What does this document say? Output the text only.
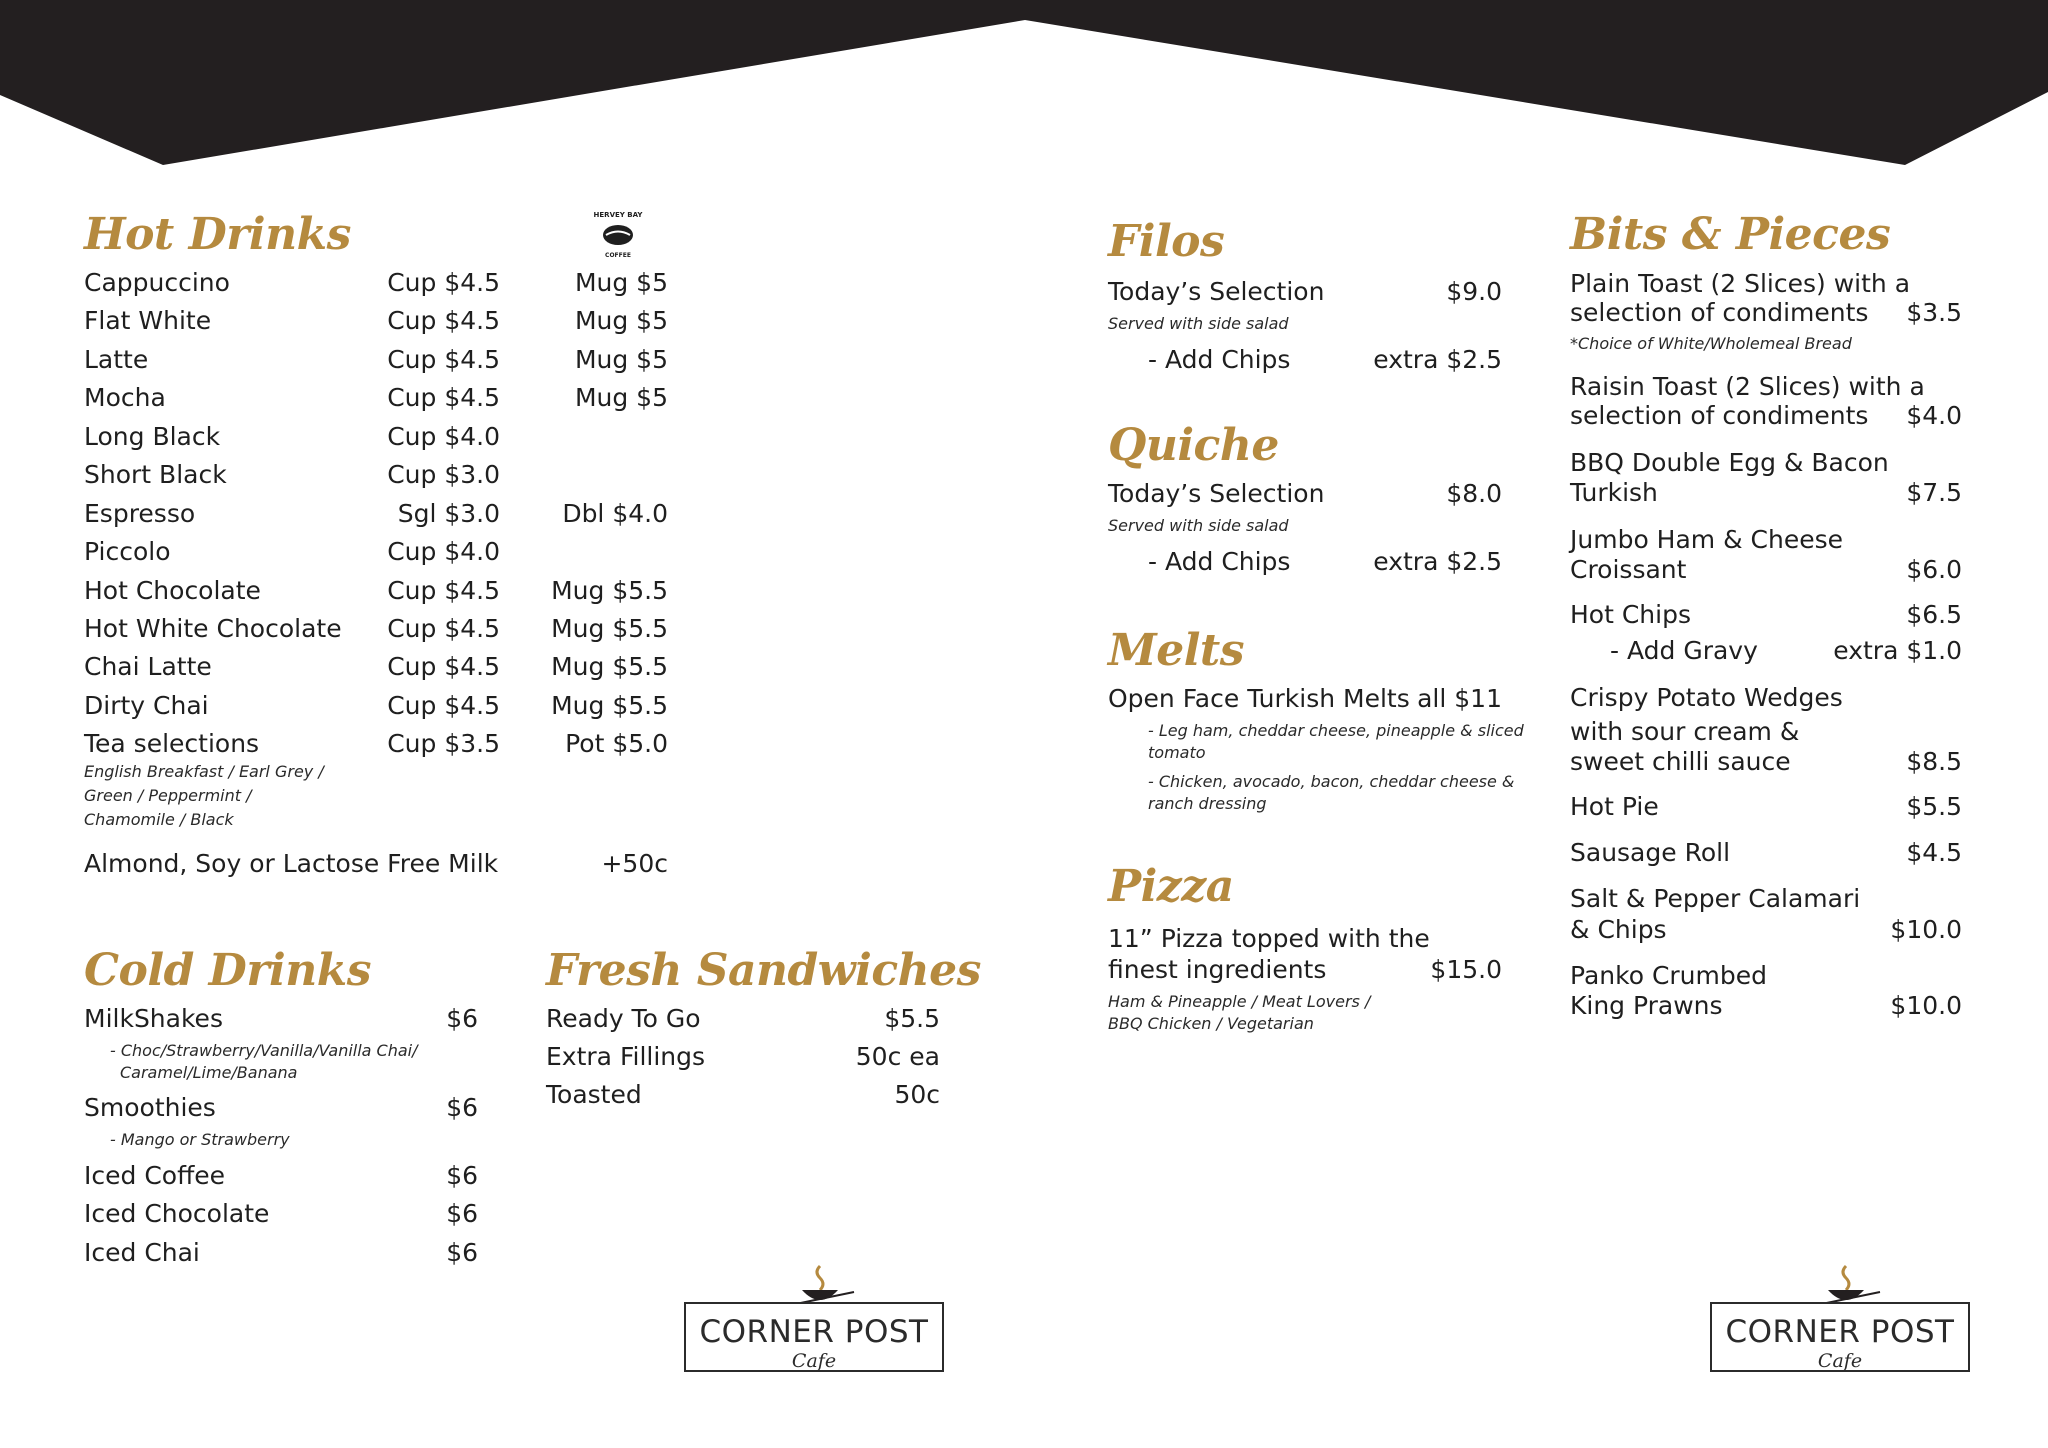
Hot Drinks	HERVEY BAY
COFFEE
Cappuccino	Cup $4.5	Mug $5
Flat White	Cup $4.5	Mug $5
Latte	Cup $4.5	Mug $5
Mocha	Cup $4.5	Mug $5
Long Black	Cup $4.0
Short Black	Cup $3.0
Espresso	Sgl $3.0	Dbl $4.0
Piccolo	Cup $4.0
Hot Chocolate	Cup $4.5	Mug $5.5
Hot White Chocolate	Cup $4.5	Mug $5.5
Chai Latte	Cup $4.5	Mug $5.5
Dirty Chai	Cup $4.5	Mug $5.5
Tea selections	Cup $3.5	Pot $5.0
English Breakfast / Earl Grey /
Green / Peppermint /
Chamomile / Black
Almond, Soy or Lactose Free Milk	+50c
Cold Drinks
MilkShakes	$6
- Choc/Strawberry/Vanilla/Vanilla Chai/
Caramel/Lime/Banana
Smoothies	$6
- Mango or Strawberry
Iced Coffee	$6
Iced Chocolate	$6
Iced Chai	$6
Fresh Sandwiches
Ready To Go	$5.5
Extra Fillings	50c ea
Toasted	50c
CORNER POST
Cafe
Filos
Today’s Selection	$9.0
Served with side salad
- Add Chips	extra $2.5
Quiche
Today’s Selection	$8.0
Served with side salad
- Add Chips	extra $2.5
Melts
Open Face Turkish Melts all $11
- Leg ham, cheddar cheese, pineapple & sliced
tomato
- Chicken, avocado, bacon, cheddar cheese &
ranch dressing
Pizza
11” Pizza topped with the
finest ingredients	$15.0
Ham & Pineapple / Meat Lovers /
BBQ Chicken / Vegetarian
Bits & Pieces
Plain Toast (2 Slices) with a
selection of condiments	$3.5
*Choice of White/Wholemeal Bread
Raisin Toast (2 Slices) with a
selection of condiments	$4.0
BBQ Double Egg & Bacon
Turkish	$7.5
Jumbo Ham & Cheese
Croissant	$6.0
Hot Chips	$6.5
- Add Gravy	extra $1.0
Crispy Potato Wedges
with sour cream &
sweet chilli sauce	$8.5
Hot Pie	$5.5
Sausage Roll	$4.5
Salt & Pepper Calamari
& Chips	$10.0
Panko Crumbed
King Prawns	$10.0
CORNER POST
Cafe
